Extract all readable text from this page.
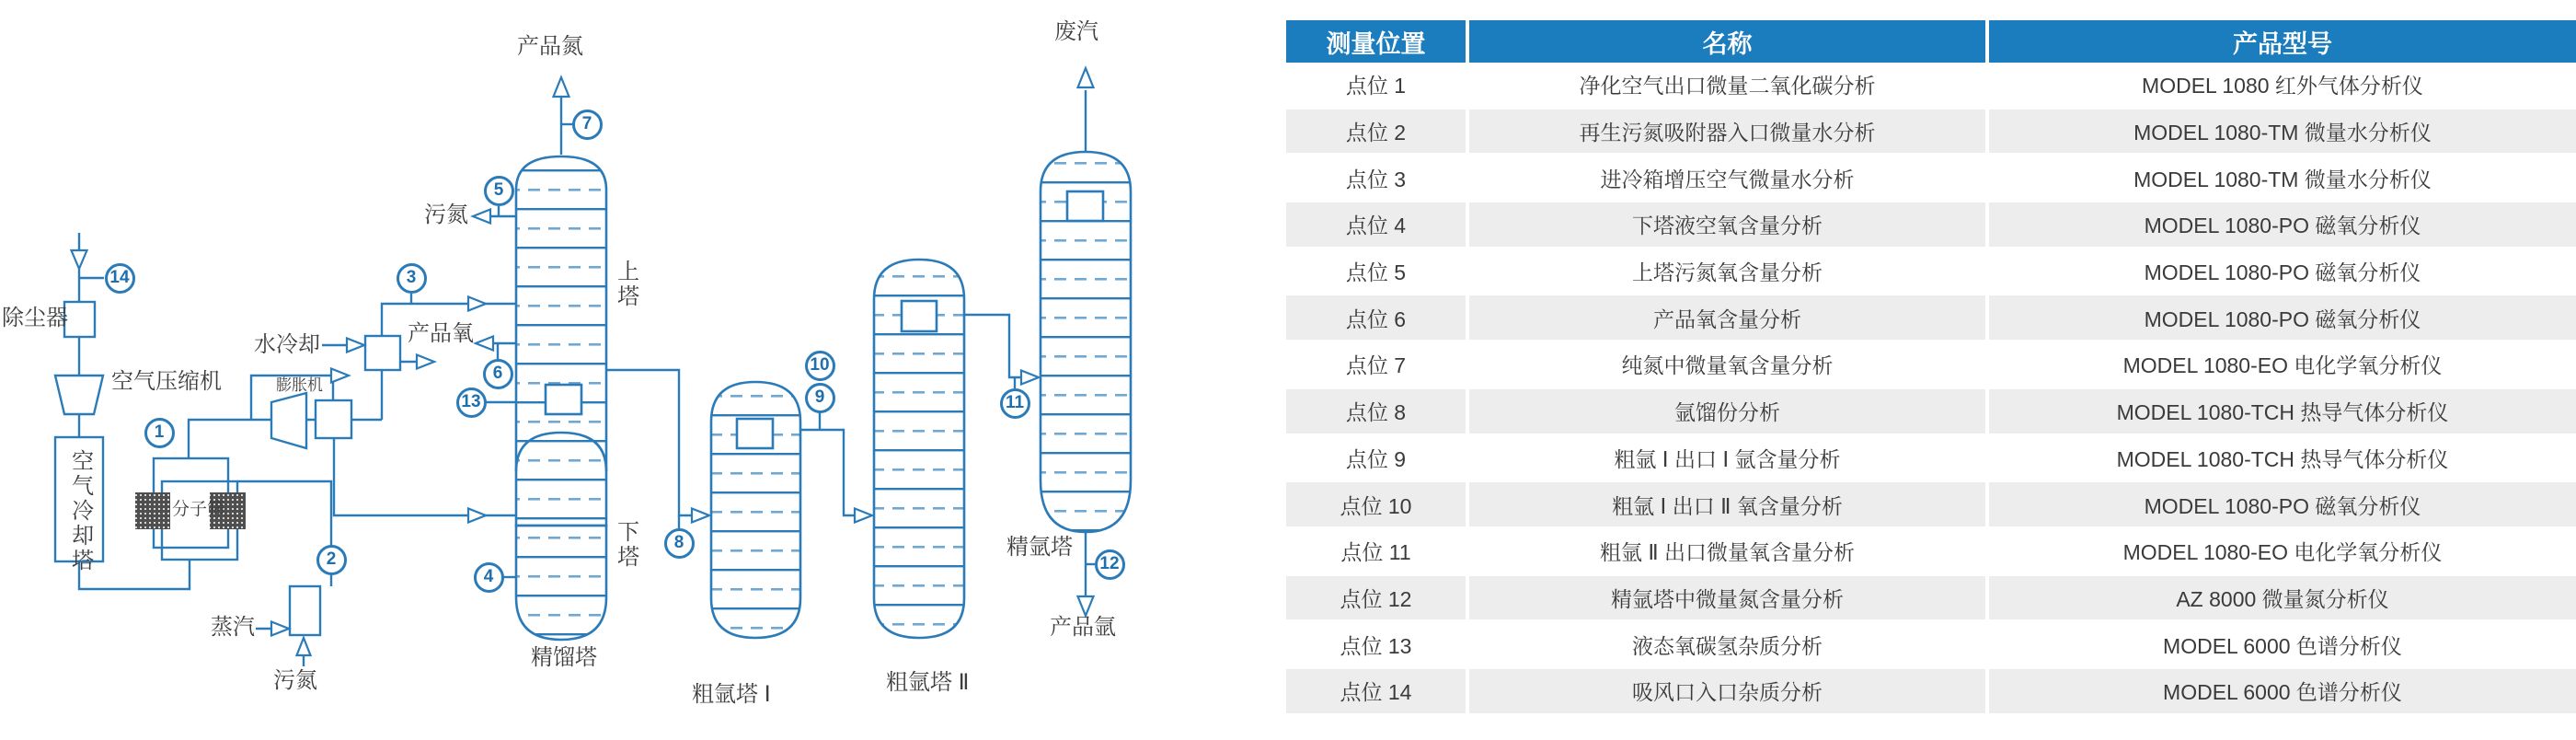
除尘器
空气压缩机
空气冷却塔	分子筛
膨胀机
水冷却
蒸汽
污氮
产品氮
污氮
产品氧
上塔
下塔
精馏塔
粗氩塔 Ⅰ	粗氩塔 Ⅱ
精氩塔
废汽
产品氩
1
2
3
4
5
6
7
8
9
10
11
12
13
14
测量位置	名称	产品型号
点位 1	净化空气出口微量二氧化碳分析	MODEL 1080 红外气体分析仪
点位 2	再生污氮吸附器入口微量水分析	MODEL 1080-TM 微量水分析仪
点位 3	进冷箱增压空气微量水分析	MODEL 1080-TM 微量水分析仪
点位 4	下塔液空氧含量分析	MODEL 1080-PO 磁氧分析仪
点位 5	上塔污氮氧含量分析	MODEL 1080-PO 磁氧分析仪
点位 6	产品氧含量分析	MODEL 1080-PO 磁氧分析仪
点位 7	纯氮中微量氧含量分析	MODEL 1080-EO 电化学氧分析仪
点位 8	氩馏份分析	MODEL 1080-TCH 热导气体分析仪
点位 9	粗氩 Ⅰ 出口 Ⅰ 氩含量分析	MODEL 1080-TCH 热导气体分析仪
点位 10	粗氩 Ⅰ 出口 Ⅱ 氧含量分析	MODEL 1080-PO 磁氧分析仪
点位 11	粗氩 Ⅱ 出口微量氧含量分析	MODEL 1080-EO 电化学氧分析仪
点位 12	精氩塔中微量氮含量分析	AZ 8000 微量氮分析仪
点位 13	液态氧碳氢杂质分析	MODEL 6000 色谱分析仪
点位 14	吸风口入口杂质分析	MODEL 6000 色谱分析仪
